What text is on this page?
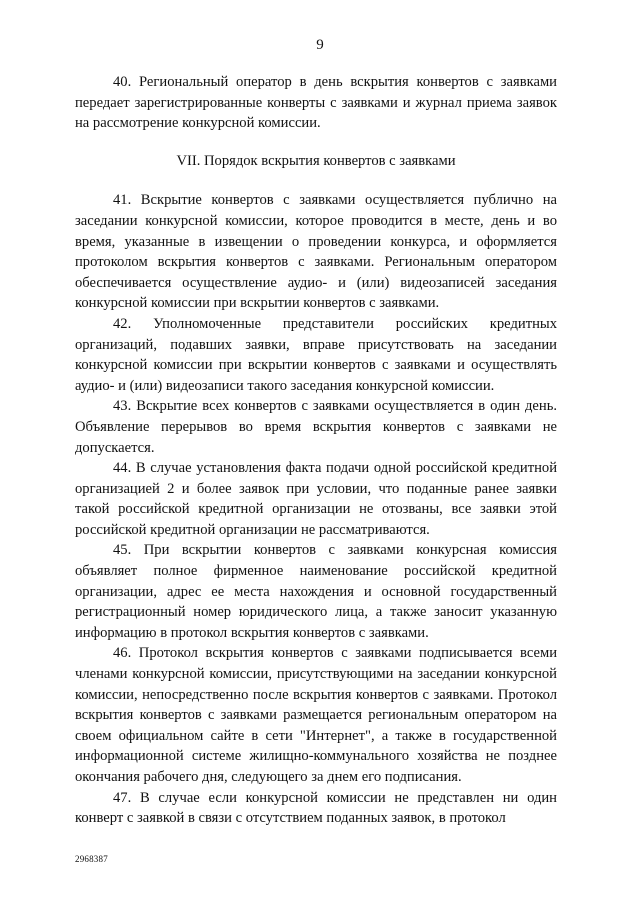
9

40. Региональный оператор в день вскрытия конвертов с заявками передает зарегистрированные конверты с заявками и журнал приема заявок на рассмотрение конкурсной комиссии.

VII. Порядок вскрытия конвертов с заявками

41. Вскрытие конвертов с заявками осуществляется публично на заседании конкурсной комиссии, которое проводится в месте, день и во время, указанные в извещении о проведении конкурса, и оформляется протоколом вскрытия конвертов с заявками. Региональным оператором обеспечивается осуществление аудио- и (или) видеозаписей заседания конкурсной комиссии при вскрытии конвертов с заявками.

42. Уполномоченные представители российских кредитных организаций, подавших заявки, вправе присутствовать на заседании конкурсной комиссии при вскрытии конвертов с заявками и осуществлять аудио- и (или) видеозаписи такого заседания конкурсной комиссии.

43. Вскрытие всех конвертов с заявками осуществляется в один день. Объявление перерывов во время вскрытия конвертов с заявками не допускается.

44. В случае установления факта подачи одной российской кредитной организацией 2 и более заявок при условии, что поданные ранее заявки такой российской кредитной организации не отозваны, все заявки этой российской кредитной организации не рассматриваются.

45. При вскрытии конвертов с заявками конкурсная комиссия объявляет полное фирменное наименование российской кредитной организации, адрес ее места нахождения и основной государственный регистрационный номер юридического лица, а также заносит указанную информацию в протокол вскрытия конвертов с заявками.

46. Протокол вскрытия конвертов с заявками подписывается всеми членами конкурсной комиссии, присутствующими на заседании конкурсной комиссии, непосредственно после вскрытия конвертов с заявками. Протокол вскрытия конвертов с заявками размещается региональным оператором на своем официальном сайте в сети "Интернет", а также в государственной информационной системе жилищно-коммунального хозяйства не позднее окончания рабочего дня, следующего за днем его подписания.

47. В случае если конкурсной комиссии не представлен ни один конверт с заявкой в связи с отсутствием поданных заявок, в протокол

2968387
